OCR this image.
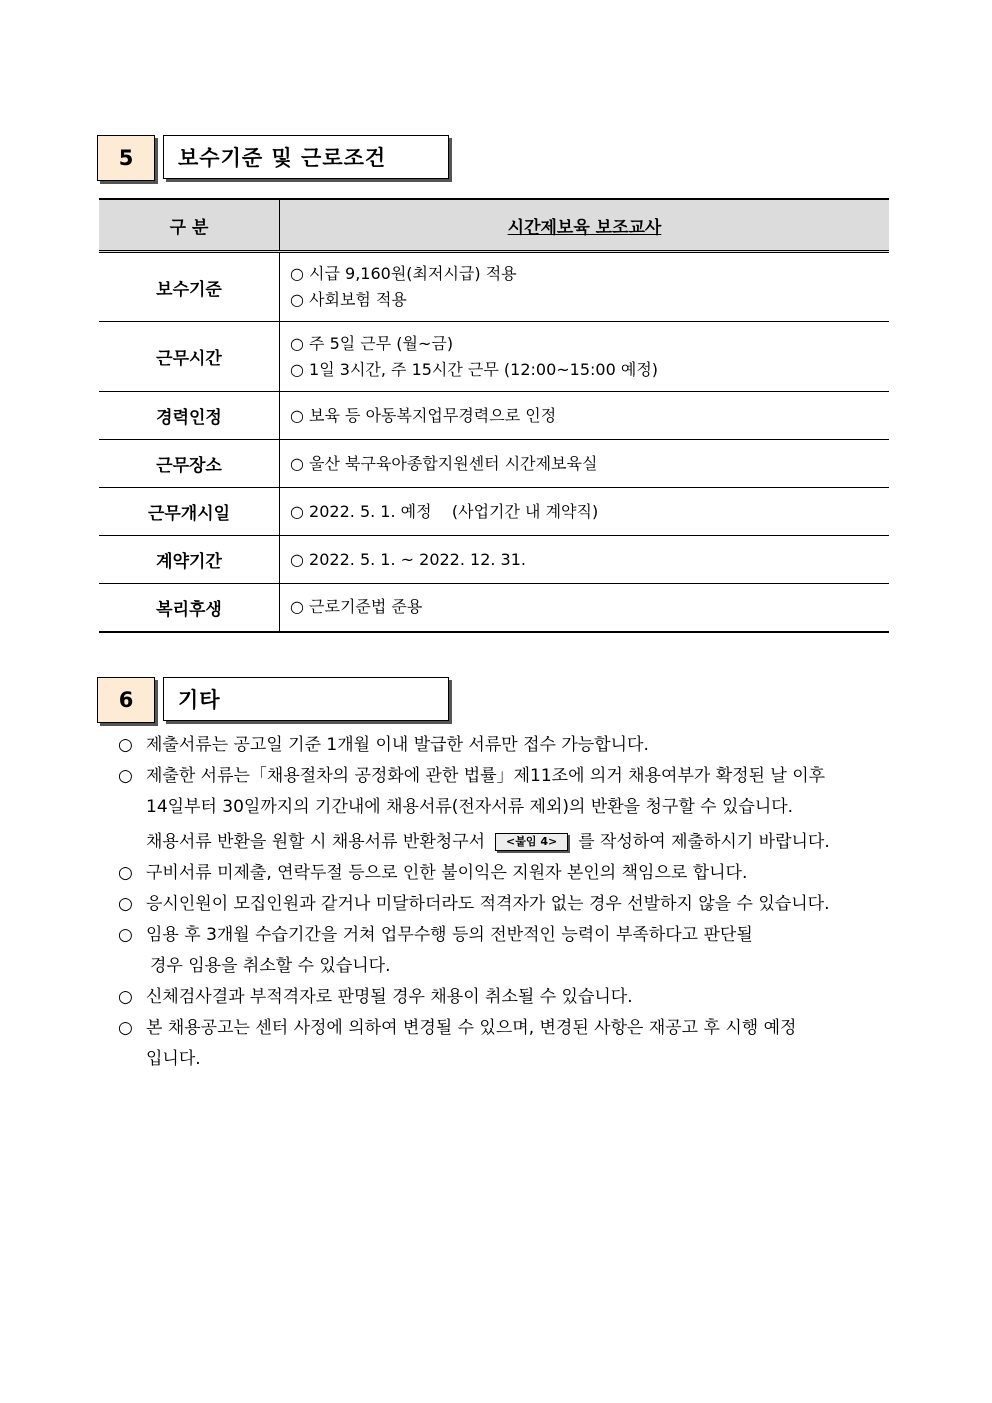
5	보수기준 및 근로조건
구 분	시간제보육 보조교사
보수기준	○ 시급 9,160원(최저시급) 적용
○ 사회보험 적용

근무시간	○ 주 5일 근무 (월~금)
○ 1일 3시간, 주 15시간 근무 (12:00~15:00 예정)

경력인정	○ 보육 등 아동복지업무경력으로 인정

근무장소	○ 울산 북구육아종합지원센터 시간제보육실

근무개시일	○ 2022. 5. 1. 예정    (사업기간 내 계약직)

계약기간	○ 2022. 5. 1. ~ 2022. 12. 31.

복리후생	○ 근로기준법 준용
6	기타
○ 제출서류는 공고일 기준 1개월 이내 발급한 서류만 접수 가능합니다.
○ 제출한 서류는「채용절차의 공정화에 관한 법률」제11조에 의거 채용여부가 확정된 날 이후
14일부터 30일까지의 기간내에 채용서류(전자서류 제외)의 반환을 청구할 수 있습니다.
채용서류 반환을 원할 시 채용서류 반환청구서 <붙임 4> 를 작성하여 제출하시기 바랍니다.
○ 구비서류 미제출, 연락두절 등으로 인한 불이익은 지원자 본인의 책임으로 합니다.
○ 응시인원이 모집인원과 같거나 미달하더라도 적격자가 없는 경우 선발하지 않을 수 있습니다.
○ 임용 후 3개월 수습기간을 거쳐 업무수행 등의 전반적인 능력이 부족하다고 판단될
경우 임용을 취소할 수 있습니다.
○ 신체검사결과 부적격자로 판명될 경우 채용이 취소될 수 있습니다.
○ 본 채용공고는 센터 사정에 의하여 변경될 수 있으며, 변경된 사항은 재공고 후 시행 예정
입니다.
